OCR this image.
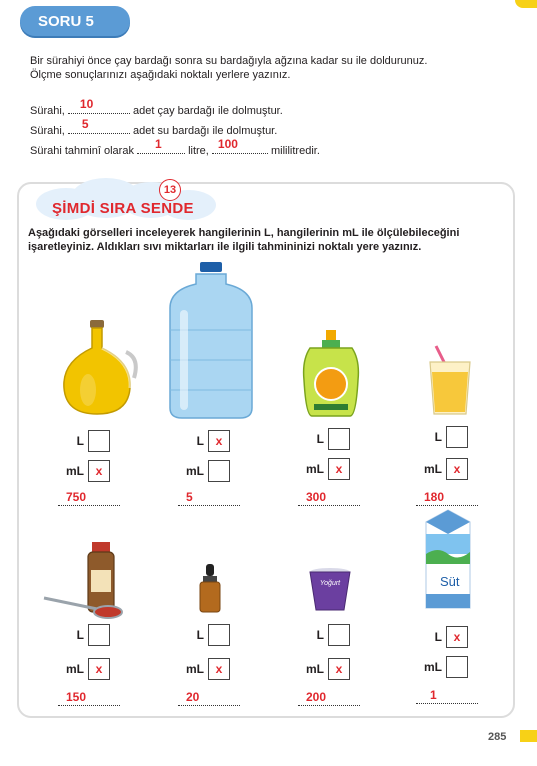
SORU 5
Bir sürahiyi önce çay bardağı sonra su bardağıyla ağzına kadar su ile doldurunuz.
Ölçme sonuçlarınızı aşağıdaki noktalı yerlere yazınız.
Sürahi, 10	adet çay bardağı ile dolmuştur.
Sürahi, 5	adet su bardağı ile dolmuştur.
Sürahi tahminî olarak 1 litre, 100	mililitredir.
13
ŞİMDİ SIRA SENDE
Aşağıdaki görselleri inceleyerek hangilerinin L, hangilerinin mL ile ölçülebileceğini
işaretleyiniz. Aldıkları sıvı miktarları ile ilgili tahmininizi noktalı yere yazınız.
L
mL x
750
L x
mL
5
L
mL x
300
L
mL x
180
L
mL x
150
L
mL x
20
Yoğurt
L
mL x
200
Süt
L x
mL
1
285
